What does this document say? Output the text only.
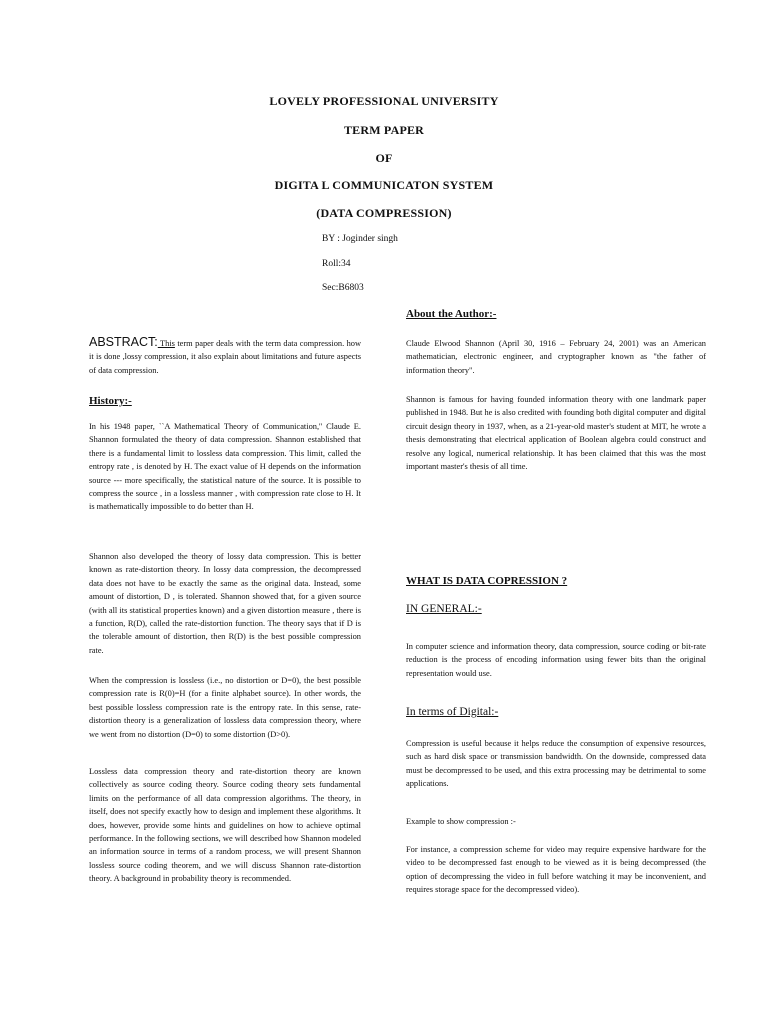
LOVELY PROFESSIONAL UNIVERSITY
TERM PAPER
OF
DIGITA L COMMUNICATON SYSTEM
(DATA COMPRESSION)
BY : Joginder singh
Roll:34
Sec:B6803

ABSTRACT: This term paper deals with the term data compression. how it is done ,lossy compression, it also explain about limitations and future aspects of data compression.

History:-
In his 1948 paper, ``A Mathematical Theory of Communication,'' Claude E. Shannon formulated the theory of data compression. Shannon established that there is a fundamental limit to lossless data compression. This limit, called the entropy rate , is denoted by H. The exact value of H depends on the information source --- more specifically, the statistical nature of the source. It is possible to compress the source , in a lossless manner , with compression rate close to H. It is mathematically impossible to do better than H.
Shannon also developed the theory of lossy data compression. This is better known as rate-distortion theory. In lossy data compression, the decompressed data does not have to be exactly the same as the original data. Instead, some amount of distortion, D , is tolerated. Shannon showed that, for a given source (with all its statistical properties known) and a given distortion measure , there is a function, R(D), called the rate-distortion function. The theory says that if D is the tolerable amount of distortion, then R(D) is the best possible compression rate.
When the compression is lossless (i.e., no distortion or D=0), the best possible compression rate is R(0)=H (for a finite alphabet source). In other words, the best possible lossless compression rate is the entropy rate. In this sense, rate-distortion theory is a generalization of lossless data compression theory, where we went from no distortion (D=0) to some distortion (D>0).
Lossless data compression theory and rate-distortion theory are known collectively as source coding theory. Source coding theory sets fundamental limits on the performance of all data compression algorithms. The theory, in itself, does not specify exactly how to design and implement these algorithms. It does, however, provide some hints and guidelines on how to achieve optimal performance. In the following sections, we will described how Shannon modeled an information source in terms of a random process, we will present Shannon lossless source coding theorem, and we will discuss Shannon rate-distortion theory. A background in probability theory is recommended.
About the Author:-
Claude Elwood Shannon (April 30, 1916 – February 24, 2001) was an American mathematician, electronic engineer, and cryptographer known as "the father of information theory".
Shannon is famous for having founded information theory with one landmark paper published in 1948. But he is also credited with founding both digital computer and digital circuit design theory in 1937, when, as a 21-year-old master's student at MIT, he wrote a thesis demonstrating that electrical application of Boolean algebra could construct and resolve any logical, numerical relationship. It has been claimed that this was the most important master's thesis of all time.
WHAT IS DATA COPRESSION ?
IN GENERAL:-
In computer science and information theory, data compression, source coding or bit-rate reduction is the process of encoding information using fewer bits than the original representation would use.
In terms of Digital:-
Compression is useful because it helps reduce the consumption of expensive resources, such as hard disk space or transmission bandwidth. On the downside, compressed data must be decompressed to be used, and this extra processing may be detrimental to some applications.
Example to show compression :-
For instance, a compression scheme for video may require expensive hardware for the video to be decompressed fast enough to be viewed as it is being decompressed (the option of decompressing the video in full before watching it may be inconvenient, and requires storage space for the decompressed video).
